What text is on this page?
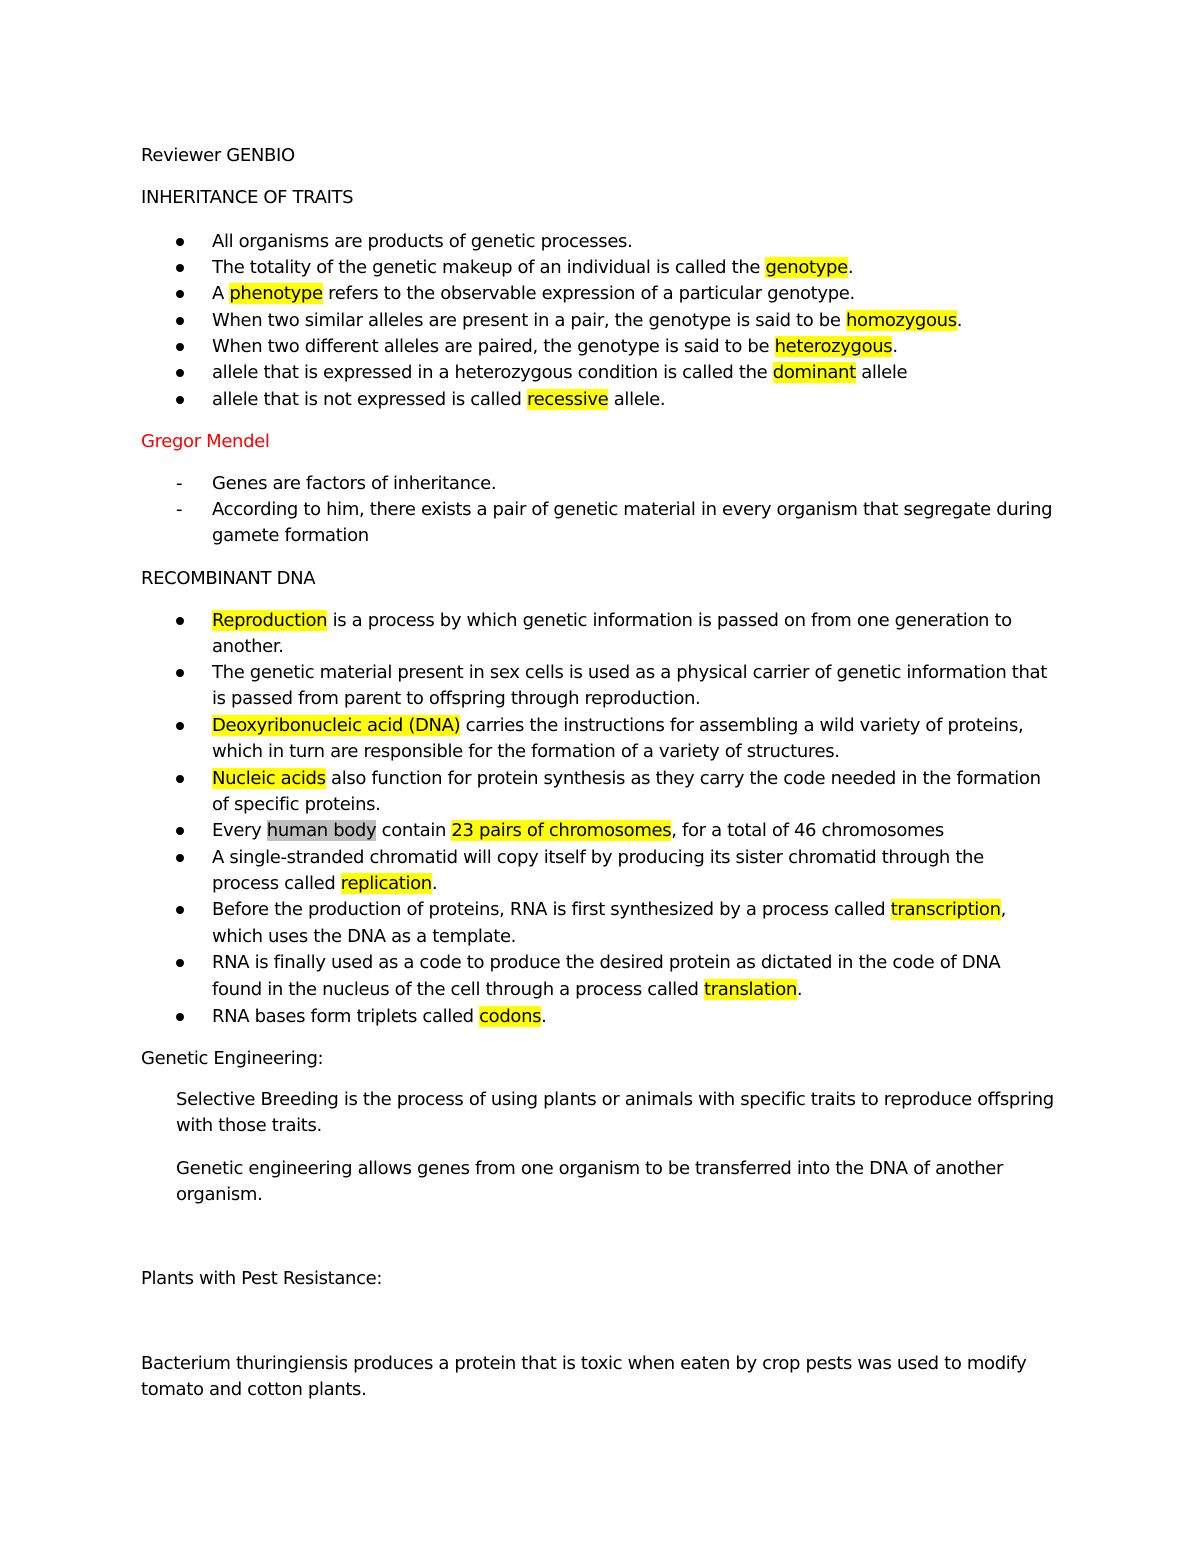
Reviewer GENBIO
INHERITANCE OF TRAITS
All organisms are products of genetic processes.
The totality of the genetic makeup of an individual is called the genotype.
A phenotype refers to the observable expression of a particular genotype.
When two similar alleles are present in a pair, the genotype is said to be homozygous.
When two different alleles are paired, the genotype is said to be heterozygous.
allele that is expressed in a heterozygous condition is called the dominant allele
allele that is not expressed is called recessive allele.
Gregor Mendel
- Genes are factors of inheritance.
- According to him, there exists a pair of genetic material in every organism that segregate during
gamete formation
RECOMBINANT DNA
Reproduction is a process by which genetic information is passed on from one generation to
another.
The genetic material present in sex cells is used as a physical carrier of genetic information that
is passed from parent to offspring through reproduction.
Deoxyribonucleic acid (DNA) carries the instructions for assembling a wild variety of proteins,
which in turn are responsible for the formation of a variety of structures.
Nucleic acids also function for protein synthesis as they carry the code needed in the formation
of specific proteins.
Every human body contain 23 pairs of chromosomes, for a total of 46 chromosomes
A single-stranded chromatid will copy itself by producing its sister chromatid through the
process called replication.
Before the production of proteins, RNA is first synthesized by a process called transcription,
which uses the DNA as a template.
RNA is finally used as a code to produce the desired protein as dictated in the code of DNA
found in the nucleus of the cell through a process called translation.
RNA bases form triplets called codons.
Genetic Engineering:
Selective Breeding is the process of using plants or animals with specific traits to reproduce offspring
with those traits.
Genetic engineering allows genes from one organism to be transferred into the DNA of another
organism.
Plants with Pest Resistance:
Bacterium thuringiensis produces a protein that is toxic when eaten by crop pests was used to modify
tomato and cotton plants.
